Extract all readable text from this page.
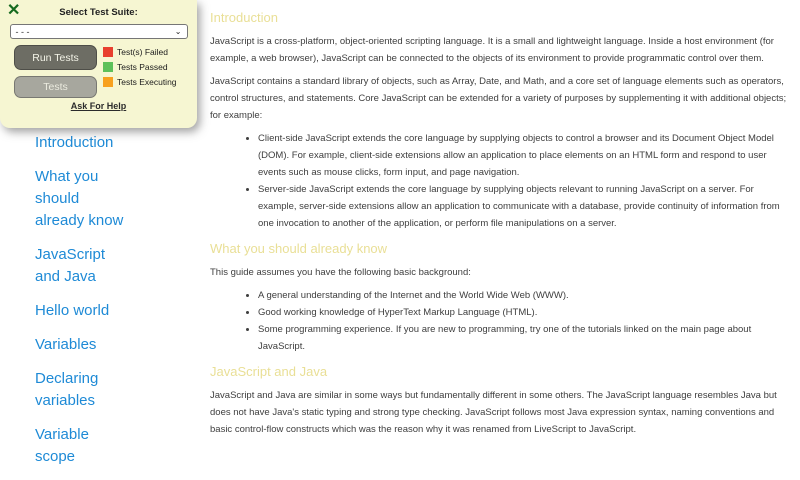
✕	Select Test Suite:
- - -	⌄
Run Tests
Tests
Test(s) Failed
Tests Passed
Tests Executing
Ask For Help
Introduction
What you should already know
JavaScript and Java
Hello world
Variables
Declaring variables
Variable scope
Introduction

JavaScript is a cross-platform, object-oriented scripting language. It is a small and lightweight language. Inside a host environment (for example, a web browser), JavaScript can be connected to the objects of its environment to provide programmatic control over them.

JavaScript contains a standard library of objects, such as Array, Date, and Math, and a core set of language elements such as operators, control structures, and statements. Core JavaScript can be extended for a variety of purposes by supplementing it with additional objects; for example:

• Client-side JavaScript extends the core language by supplying objects to control a browser and its Document Object Model (DOM). For example, client-side extensions allow an application to place elements on an HTML form and respond to user events such as mouse clicks, form input, and page navigation.
• Server-side JavaScript extends the core language by supplying objects relevant to running JavaScript on a server. For example, server-side extensions allow an application to communicate with a database, provide continuity of information from one invocation to another of the application, or perform file manipulations on a server.
What you should already know

This guide assumes you have the following basic background:

• A general understanding of the Internet and the World Wide Web (WWW).
• Good working knowledge of HyperText Markup Language (HTML).
• Some programming experience. If you are new to programming, try one of the tutorials linked on the main page about JavaScript.
JavaScript and Java

JavaScript and Java are similar in some ways but fundamentally different in some others. The JavaScript language resembles Java but does not have Java's static typing and strong type checking. JavaScript follows most Java expression syntax, naming conventions and basic control-flow constructs which was the reason why it was renamed from LiveScript to JavaScript.
